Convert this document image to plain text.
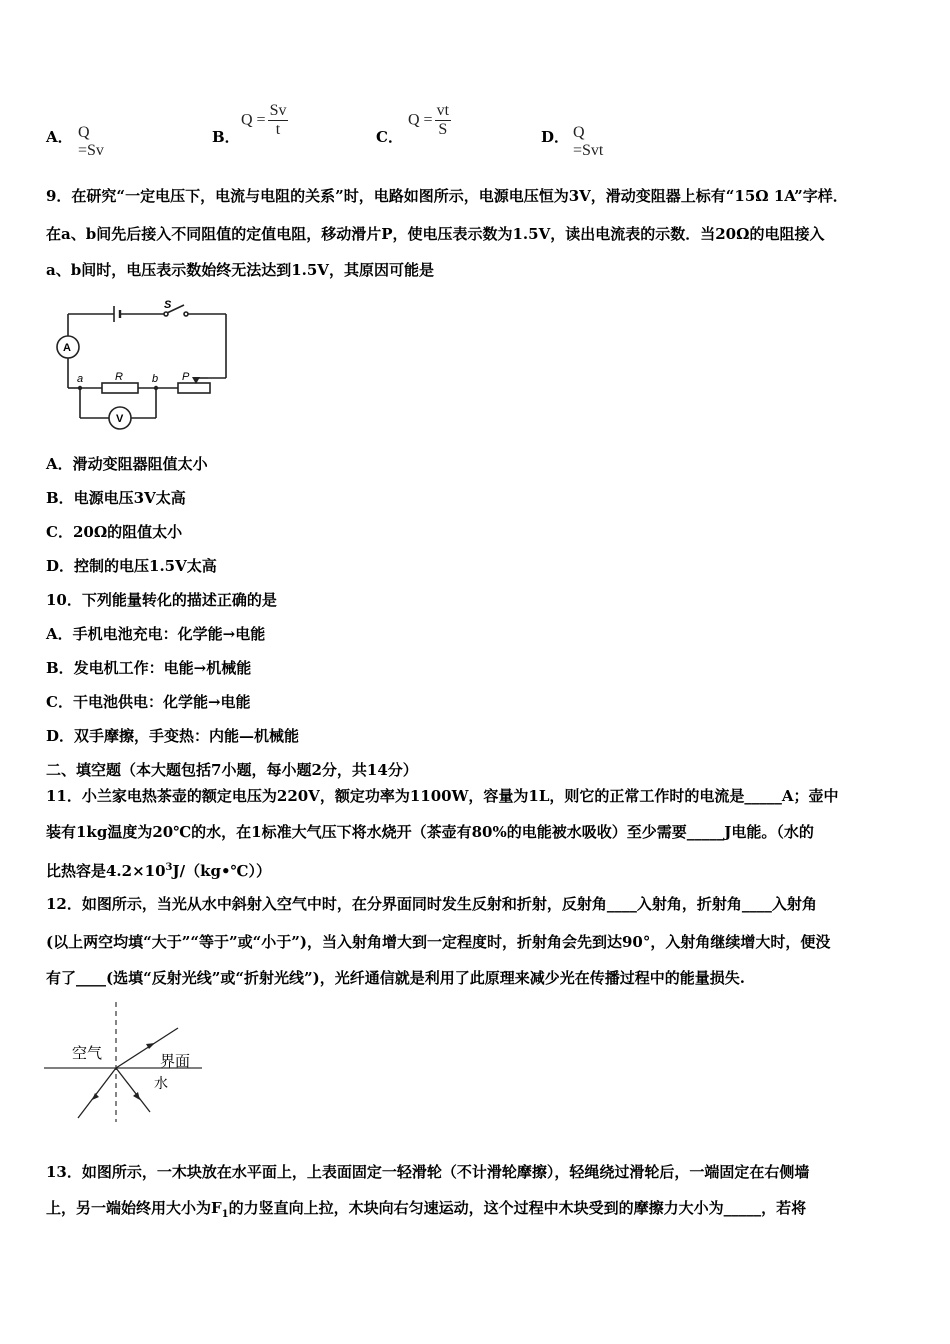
A． Q =Sv
B．
$Q = \frac{Sv}{t}$	C．
$Q = \frac{vt}{S}$	D． Q =Svt
9．在研究“一定电压下，电流与电阻的关系”时，电路如图所示，电源电压恒为3V，滑动变阻器上标有“15Ω 1A”字样．
在a、b间先后接入不同阻值的定值电阻，移动滑片P，使电压表示数为1.5V，读出电流表的示数．当20Ω的电阻接入
a、b间时，电压表示数始终无法达到1.5V，其原因可能是
S
A
V
a	R	b P
A．滑动变阻器阻值太小
B．电源电压3V太高
C．20Ω的阻值太小
D．控制的电压1.5V太高
10．下列能量转化的描述正确的是
A．手机电池充电：化学能→电能
B．发电机工作：电能→机械能
C．干电池供电：化学能→电能
D．双手摩擦，手变热：内能—机械能
二、填空题（本大题包括7小题，每小题2分，共14分）
11．小兰家电热茶壶的额定电压为220V，额定功率为1100W，容量为1L，则它的正常工作时的电流是_____A；壶中
装有1kg温度为20℃的水，在1标准大气压下将水烧开（茶壶有80%的电能被水吸收）至少需要_____J电能。（水的
比热容是$4.2\times 10^3J/(kg•℃)$）
12．如图所示，当光从水中斜射入空气中时，在分界面同时发生反射和折射，反射角____入射角，折射角____入射角
(以上两空均填“大于”“等于”或“小于”)，当入射角增大到一定程度时，折射角会先到达90°，入射角继续增大时，便没
有了____(选填“反射光线”或“折射光线”)，光纤通信就是利用了此原理来减少光在传播过程中的能量损失.
空气	界面
水
13．如图所示，一木块放在水平面上，上表面固定一轻滑轮（不计滑轮摩擦），轻绳绕过滑轮后，一端固定在右侧墙
上，另一端始终用大小为$F_1$的力竖直向上拉，木块向右匀速运动，这个过程中木块受到的摩擦力大小为_____，若将
